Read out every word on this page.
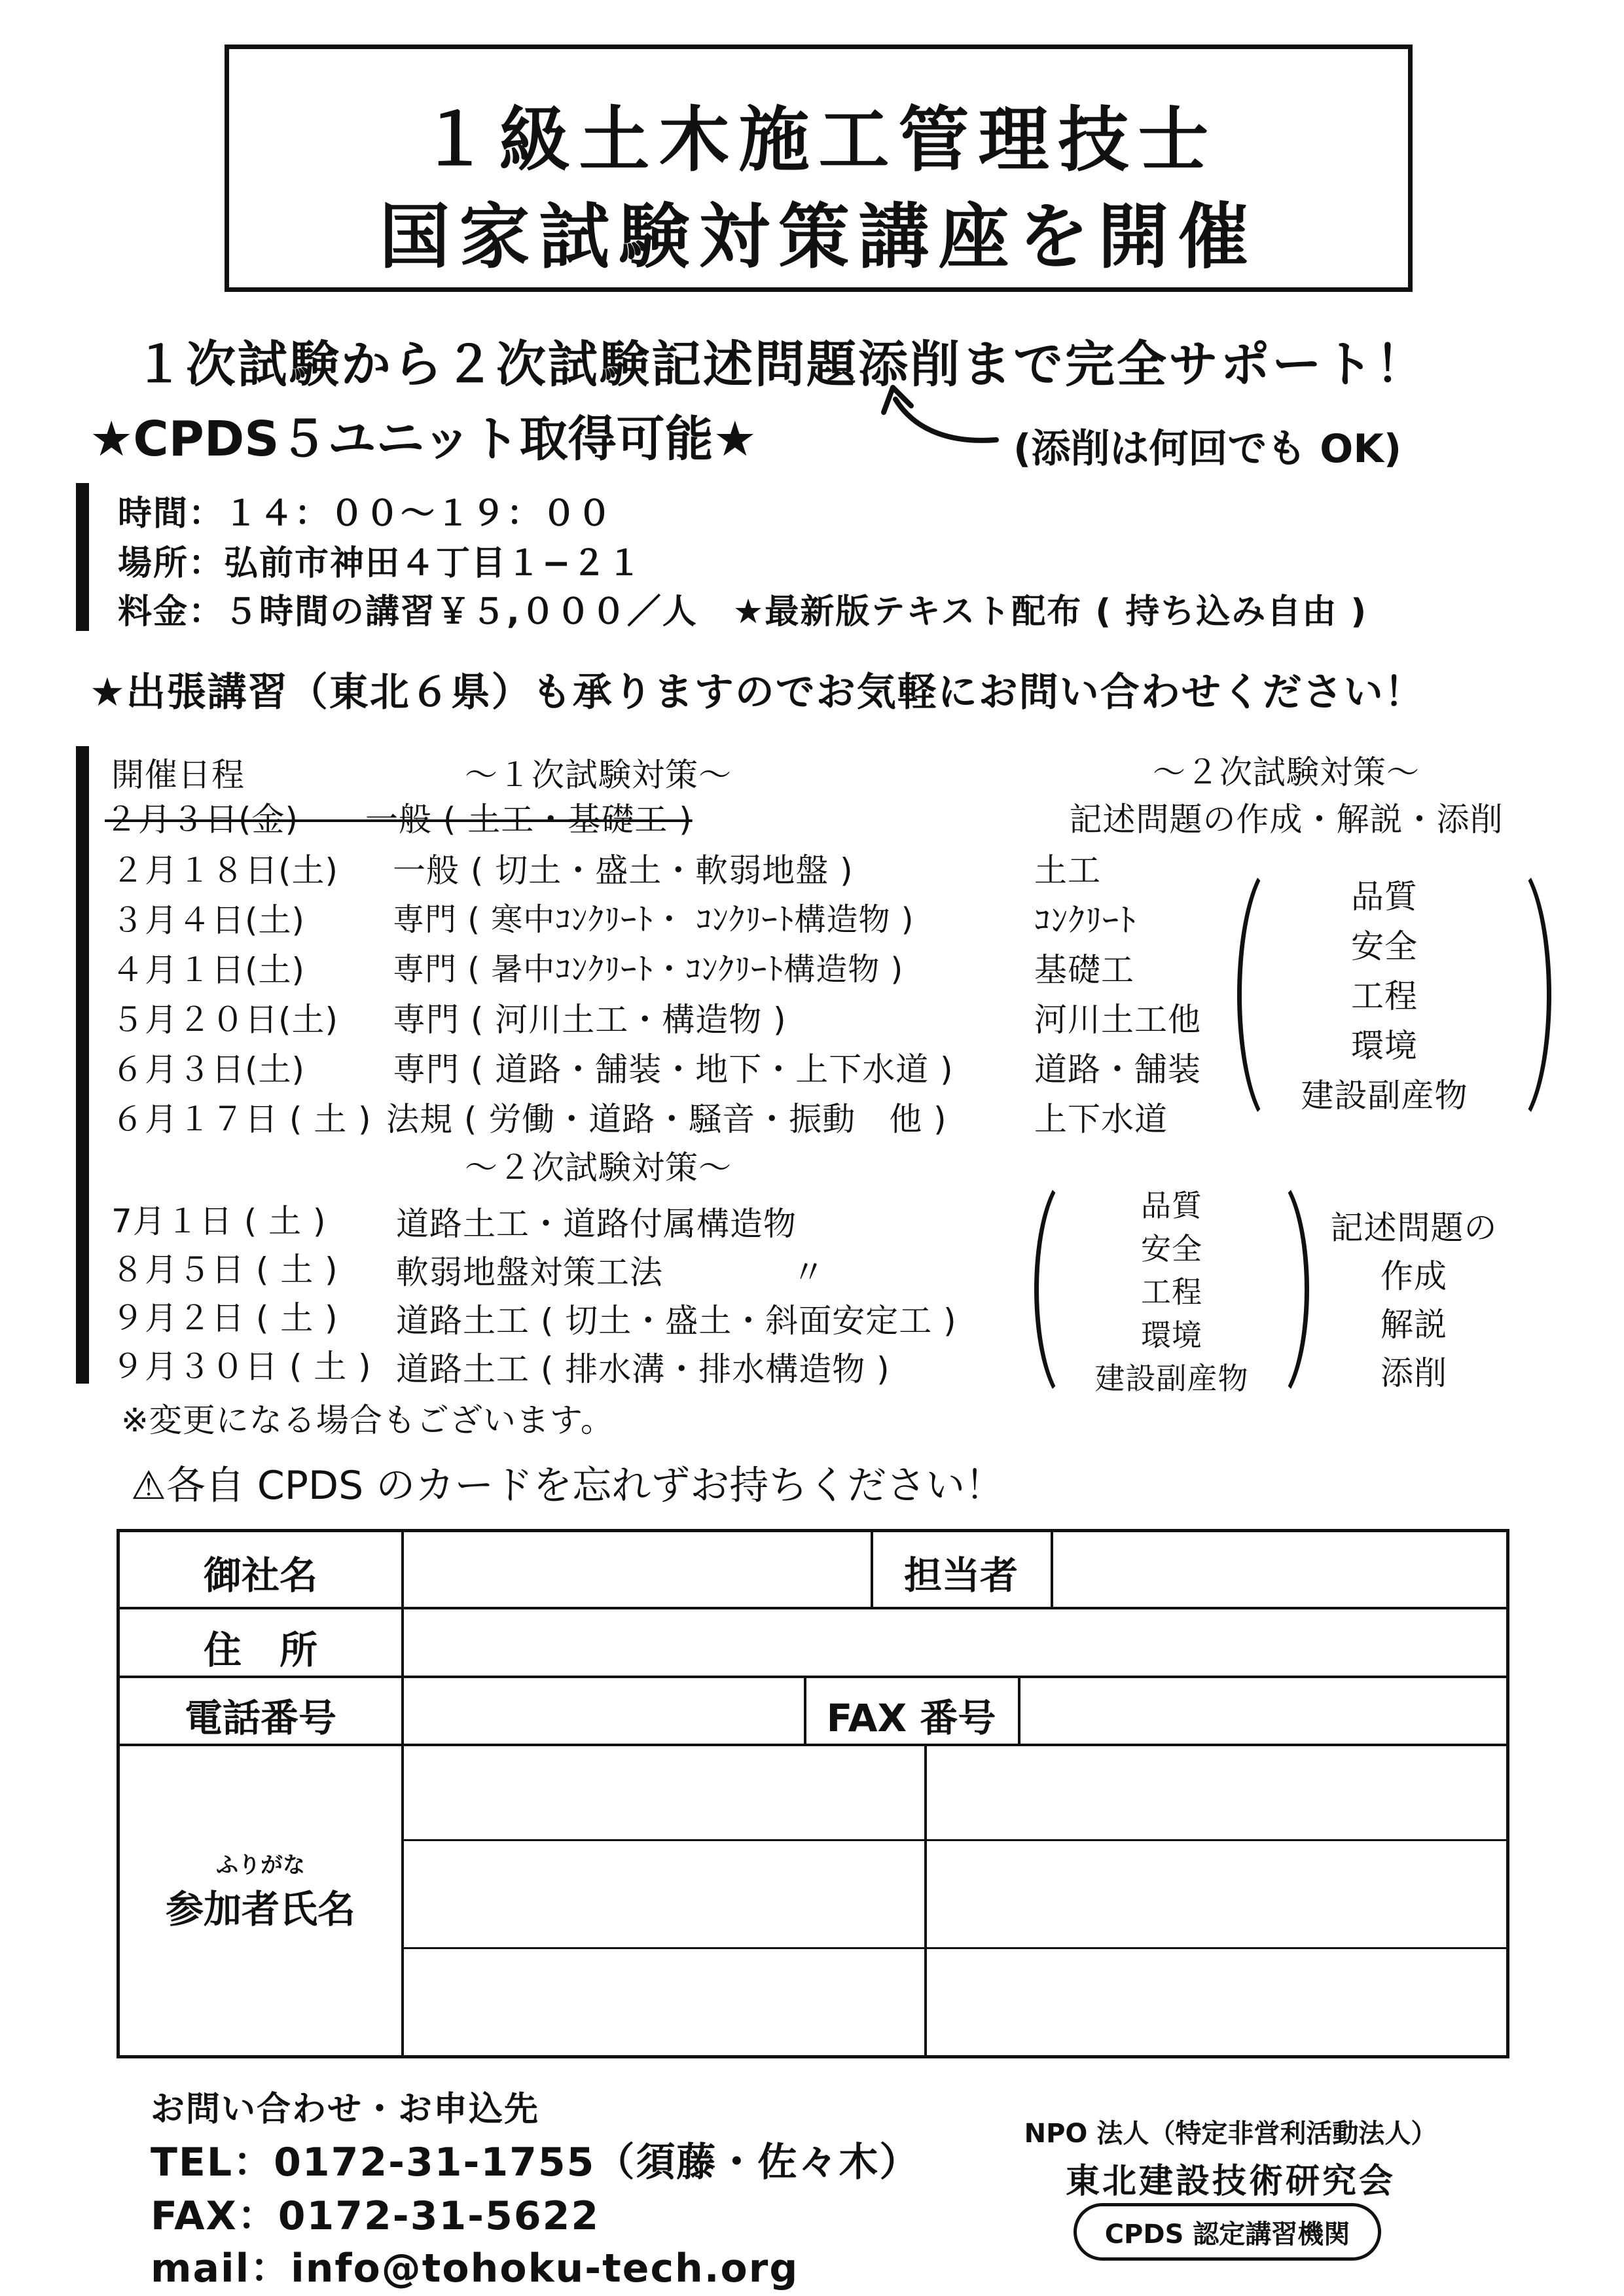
１級土木施工管理技士
国家試験対策講座を開催
１次試験から２次試験記述問題添削まで完全サポート！
★CPDS５ユニット取得可能★	(添削は何回でも OK)
時間：１４：００〜１９：００
場所：弘前市神田４丁目１−２１
料金：５時間の講習￥５,０００／人　★最新版テキスト配布 ( 持ち込み自由 )
★出張講習（東北６県）も承りますのでお気軽にお問い合わせください！
開催日程	〜１次試験対策〜	〜２次試験対策〜
記述問題の作成・解説・添削
２月３日(金)　　一般 ( 土工・基礎工 )
２月１８日(土) 一般 ( 切土・盛土・軟弱地盤 )	土工
３月４日(土)	専門 ( 寒中ｺﾝｸﾘｰﾄ・ ｺﾝｸﾘｰﾄ構造物 )	ｺﾝｸﾘｰﾄ
４月１日(土)	専門 ( 暑中ｺﾝｸﾘｰﾄ・ｺﾝｸﾘｰﾄ構造物 )	基礎工
５月２０日(土) 専門 ( 河川土工・構造物 )	河川土工他
６月３日(土)	専門 ( 道路・舗装・地下・上下水道 ) 道路・舗装
６月１７日 ( 土 ) 法規 ( 労働・道路・騒音・振動　他 )	上下水道
品質
安全
工程
環境
建設副産物
〜２次試験対策〜
7月１日 ( 土 ) 道路土工・道路付属構造物
８月５日 ( 土 ) 軟弱地盤対策工法	〃
９月２日 ( 土 ) 道路土工 ( 切土・盛土・斜面安定工 )
９月３０日 ( 土 ) 道路土工 ( 排水溝・排水構造物 )
品質
安全
工程
環境
建設副産物
記述問題の
作成
解説
添削
※変更になる場合もございます。
⚠各自 CPDS のカードを忘れずお持ちください！
御社名	担当者
住　所
電話番号	FAX 番号
ふりがな
参加者氏名
お問い合わせ・お申込先
TEL：0172-31-1755（須藤・佐々木）
FAX：0172-31-5622
mail：info@tohoku-tech.org
NPO 法人（特定非営利活動法人）
東北建設技術研究会
CPDS 認定講習機関
